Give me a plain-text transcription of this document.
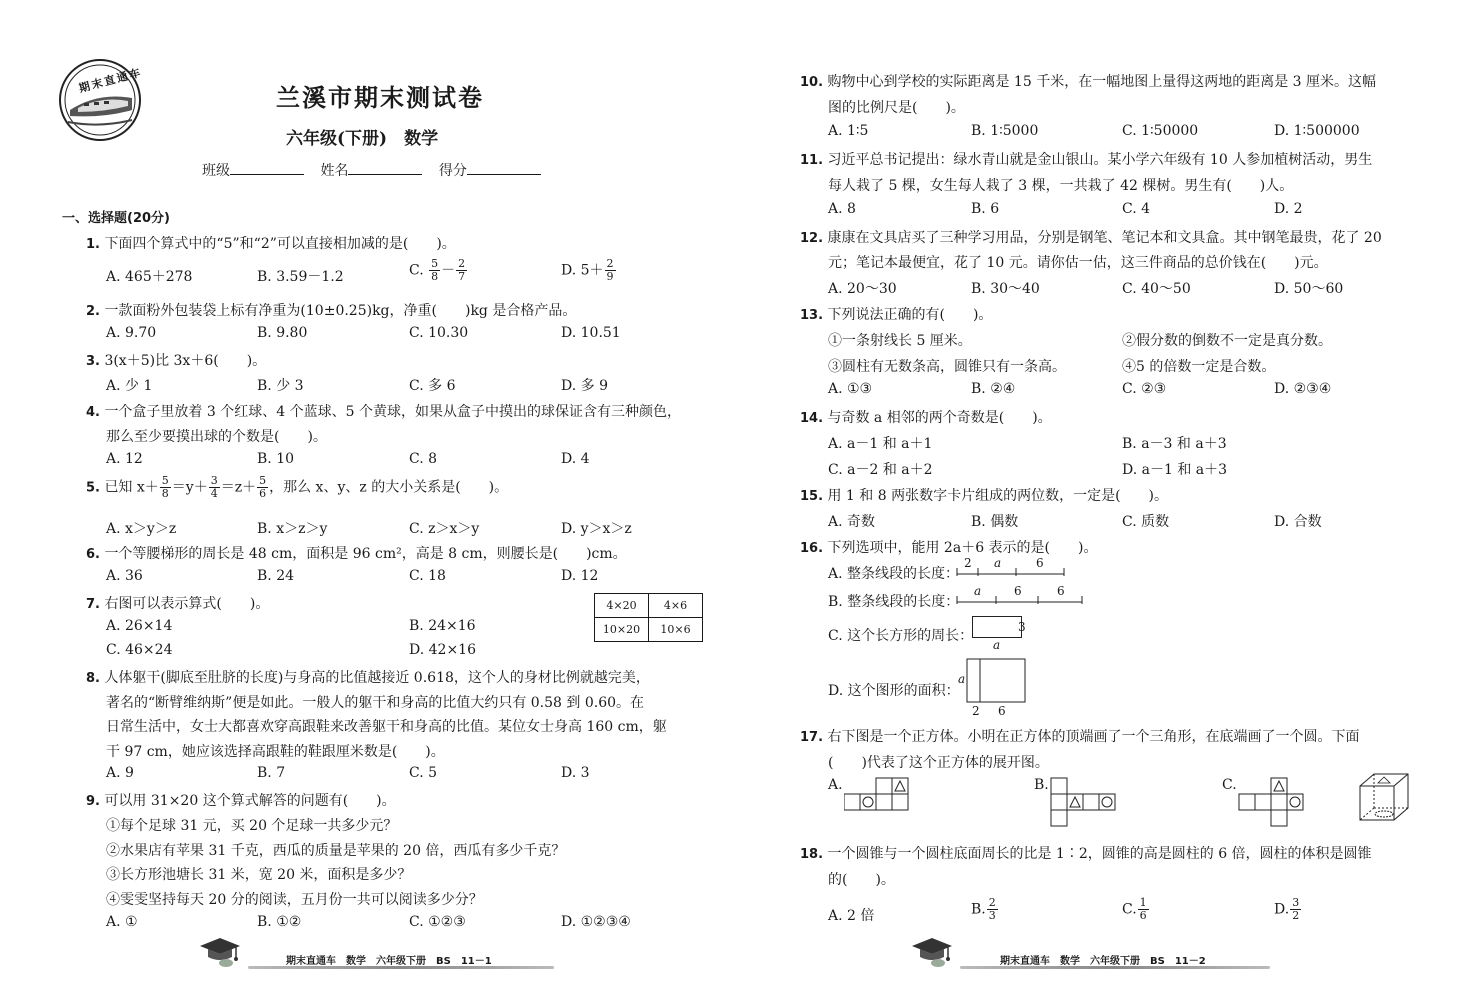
期末直通车
兰溪市期末测试卷
六年级(下册)　数学
班级	姓名	得分
一、选择题(20分)
1. 下面四个算式中的“5”和“2”可以直接相加减的是(　　)。
A. 465＋278	B. 3.59－1.2	C. $\frac{5}{8} - \frac{2}{7}$	D. $5+ \frac{2}{9}$
2. 一款面粉外包装袋上标有净重为(10±0.25)kg，净重(　　)kg 是合格产品。
A. 9.70	B. 9.80	C. 10.30	D. 10.51
3. 3(x＋5)比 3x＋6(　　)。
A. 少 1	B. 少 3	C. 多 6	D. 多 9
4. 一个盒子里放着 3 个红球、4 个蓝球、5 个黄球，如果从盒子中摸出的球保证含有三种颜色，
那么至少要摸出球的个数是(　　)。
A. 12	B. 10	C. 8	D. 4
5. 已知 $x+ \frac{5}{8} =y+ \frac{3}{4} =z+ \frac{5}{6}$ ，那么 x、y、z 的大小关系是(　　)。
A. x＞y＞z	B. x＞z＞y	C. z＞x＞y	D. y＞x＞z
6. 一个等腰梯形的周长是 48 cm，面积是 96 cm²，高是 8 cm，则腰长是(　　)cm。
A. 36	B. 24	C. 18	D. 12
7. 右图可以表示算式(　　)。
A. 26×14	B. 24×16
C. 46×24	D. 42×16
4×20	4×6
10×20	10×6
8. 人体躯干(脚底至肚脐的长度)与身高的比值越接近 0.618，这个人的身材比例就越完美，
著名的“断臂维纳斯”便是如此。一般人的躯干和身高的比值大约只有 0.58 到 0.60。在
日常生活中，女士大都喜欢穿高跟鞋来改善躯干和身高的比值。某位女士身高 160 cm，躯
干 97 cm，她应该选择高跟鞋的鞋跟厘米数是(　　)。
A. 9	B. 7	C. 5	D. 3
9. 可以用 31×20 这个算式解答的问题有(　　)。
①每个足球 31 元，买 20 个足球一共多少元？
②水果店有苹果 31 千克，西瓜的质量是苹果的 20 倍，西瓜有多少千克？
③长方形池塘长 31 米，宽 20 米，面积是多少？
④雯雯坚持每天 20 分的阅读，五月份一共可以阅读多少分？
A. ①	B. ①②	C. ①②③	D. ①②③④
期末直通车　数学　六年级下册　BS　11－1
10. 购物中心到学校的实际距离是 15 千米，在一幅地图上量得这两地的距离是 3 厘米。这幅
图的比例尺是(　　)。
A. 1∶5	B. 1∶5000	C. 1∶50000	D. 1∶500000
11. 习近平总书记提出：绿水青山就是金山银山。某小学六年级有 10 人参加植树活动，男生
每人栽了 5 棵，女生每人栽了 3 棵，一共栽了 42 棵树。男生有(　　)人。
A. 8	B. 6	C. 4	D. 2
12. 康康在文具店买了三种学习用品，分别是钢笔、笔记本和文具盒。其中钢笔最贵，花了 20
元；笔记本最便宜，花了 10 元。请你估一估，这三件商品的总价钱在(　　)元。
A. 20～30	B. 30～40	C. 40～50	D. 50～60
13. 下列说法正确的有(　　)。
①一条射线长 5 厘米。	②假分数的倒数不一定是真分数。
③圆柱有无数条高，圆锥只有一条高。	④5 的倍数一定是合数。
A. ①③	B. ②④	C. ②③	D. ②③④
14. 与奇数 a 相邻的两个奇数是(　　)。
A. a－1 和 a＋1	B. a－3 和 a＋3
C. a－2 和 a＋2	D. a－1 和 a＋3
15. 用 1 和 8 两张数字卡片组成的两位数，一定是(　　)。
A. 奇数	B. 偶数	C. 质数	D. 合数
16. 下列选项中，能用 2a＋6 表示的是(　　)。
A. 整条线段的长度：
2 a	6
B. 整条线段的长度：
a	6	6
C. 这个长方形的周长：
3
a
D. 这个图形的面积：
a
2 6
17. 右下图是一个正方体。小明在正方体的顶端画了一个三角形，在底端画了一个圆。下面
(　　)代表了这个正方体的展开图。
A.	B.	C.
18. 一个圆锥与一个圆柱底面周长的比是 1∶2，圆锥的高是圆柱的 6 倍，圆柱的体积是圆锥
的(　　)。
A. 2 倍	B. $\frac{2}{3}$	C. $\frac{1}{6}$	D. $\frac{3}{2}$
期末直通车　数学　六年级下册　BS　11－2
